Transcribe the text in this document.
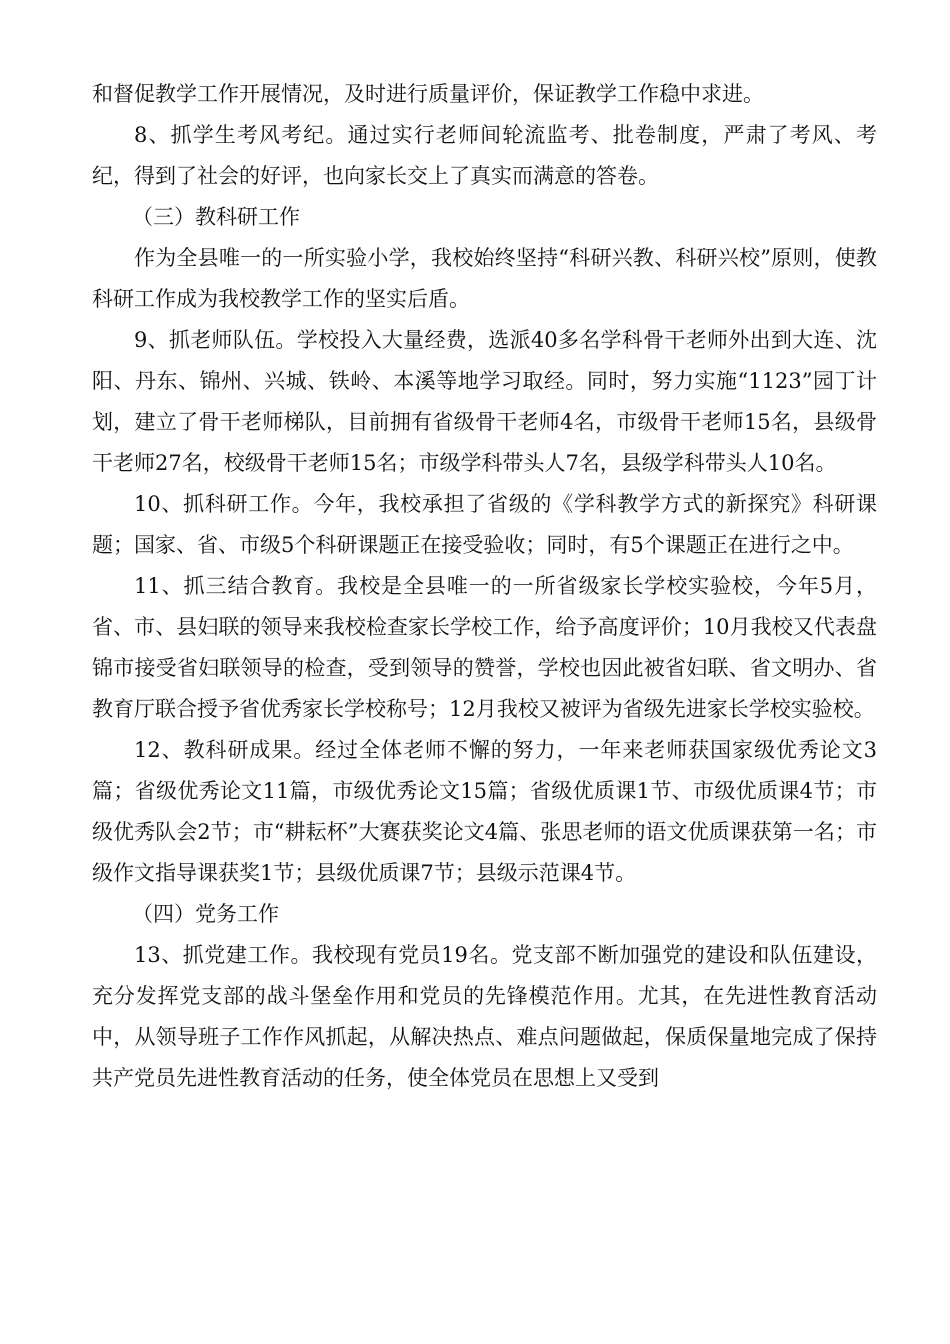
和督促教学工作开展情况，及时进行质量评价，保证教学工作稳中求进。

8、抓学生考风考纪。通过实行老师间轮流监考、批卷制度，严肃了考风、考纪，得到了社会的好评，也向家长交上了真实而满意的答卷。

（三）教科研工作

作为全县唯一的一所实验小学，我校始终坚持“科研兴教、科研兴校”原则，使教科研工作成为我校教学工作的坚实后盾。

9、抓老师队伍。学校投入大量经费，选派40多名学科骨干老师外出到大连、沈阳、丹东、锦州、兴城、铁岭、本溪等地学习取经。同时，努力实施“1123”园丁计划，建立了骨干老师梯队，目前拥有省级骨干老师4名，市级骨干老师15名，县级骨干老师27名，校级骨干老师15名；市级学科带头人7名，县级学科带头人10名。

10、抓科研工作。今年，我校承担了省级的《学科教学方式的新探究》科研课题；国家、省、市级5个科研课题正在接受验收；同时，有5个课题正在进行之中。

11、抓三结合教育。我校是全县唯一的一所省级家长学校实验校，今年5月，省、市、县妇联的领导来我校检查家长学校工作，给予高度评价；10月我校又代表盘锦市接受省妇联领导的检查，受到领导的赞誉，学校也因此被省妇联、省文明办、省教育厅联合授予省优秀家长学校称号；12月我校又被评为省级先进家长学校实验校。

12、教科研成果。经过全体老师不懈的努力，一年来老师获国家级优秀论文3篇；省级优秀论文11篇，市级优秀论文15篇；省级优质课1节、市级优质课4节；市级优秀队会2节；市“耕耘杯”大赛获奖论文4篇、张思老师的语文优质课获第一名；市级作文指导课获奖1节；县级优质课7节；县级示范课4节。

（四）党务工作

13、抓党建工作。我校现有党员19名。党支部不断加强党的建设和队伍建设，充分发挥党支部的战斗堡垒作用和党员的先锋模范作用。尤其，在先进性教育活动中，从领导班子工作作风抓起，从解决热点、难点问题做起，保质保量地完成了保持共产党员先进性教育活动的任务，使全体党员在思想上又受到
